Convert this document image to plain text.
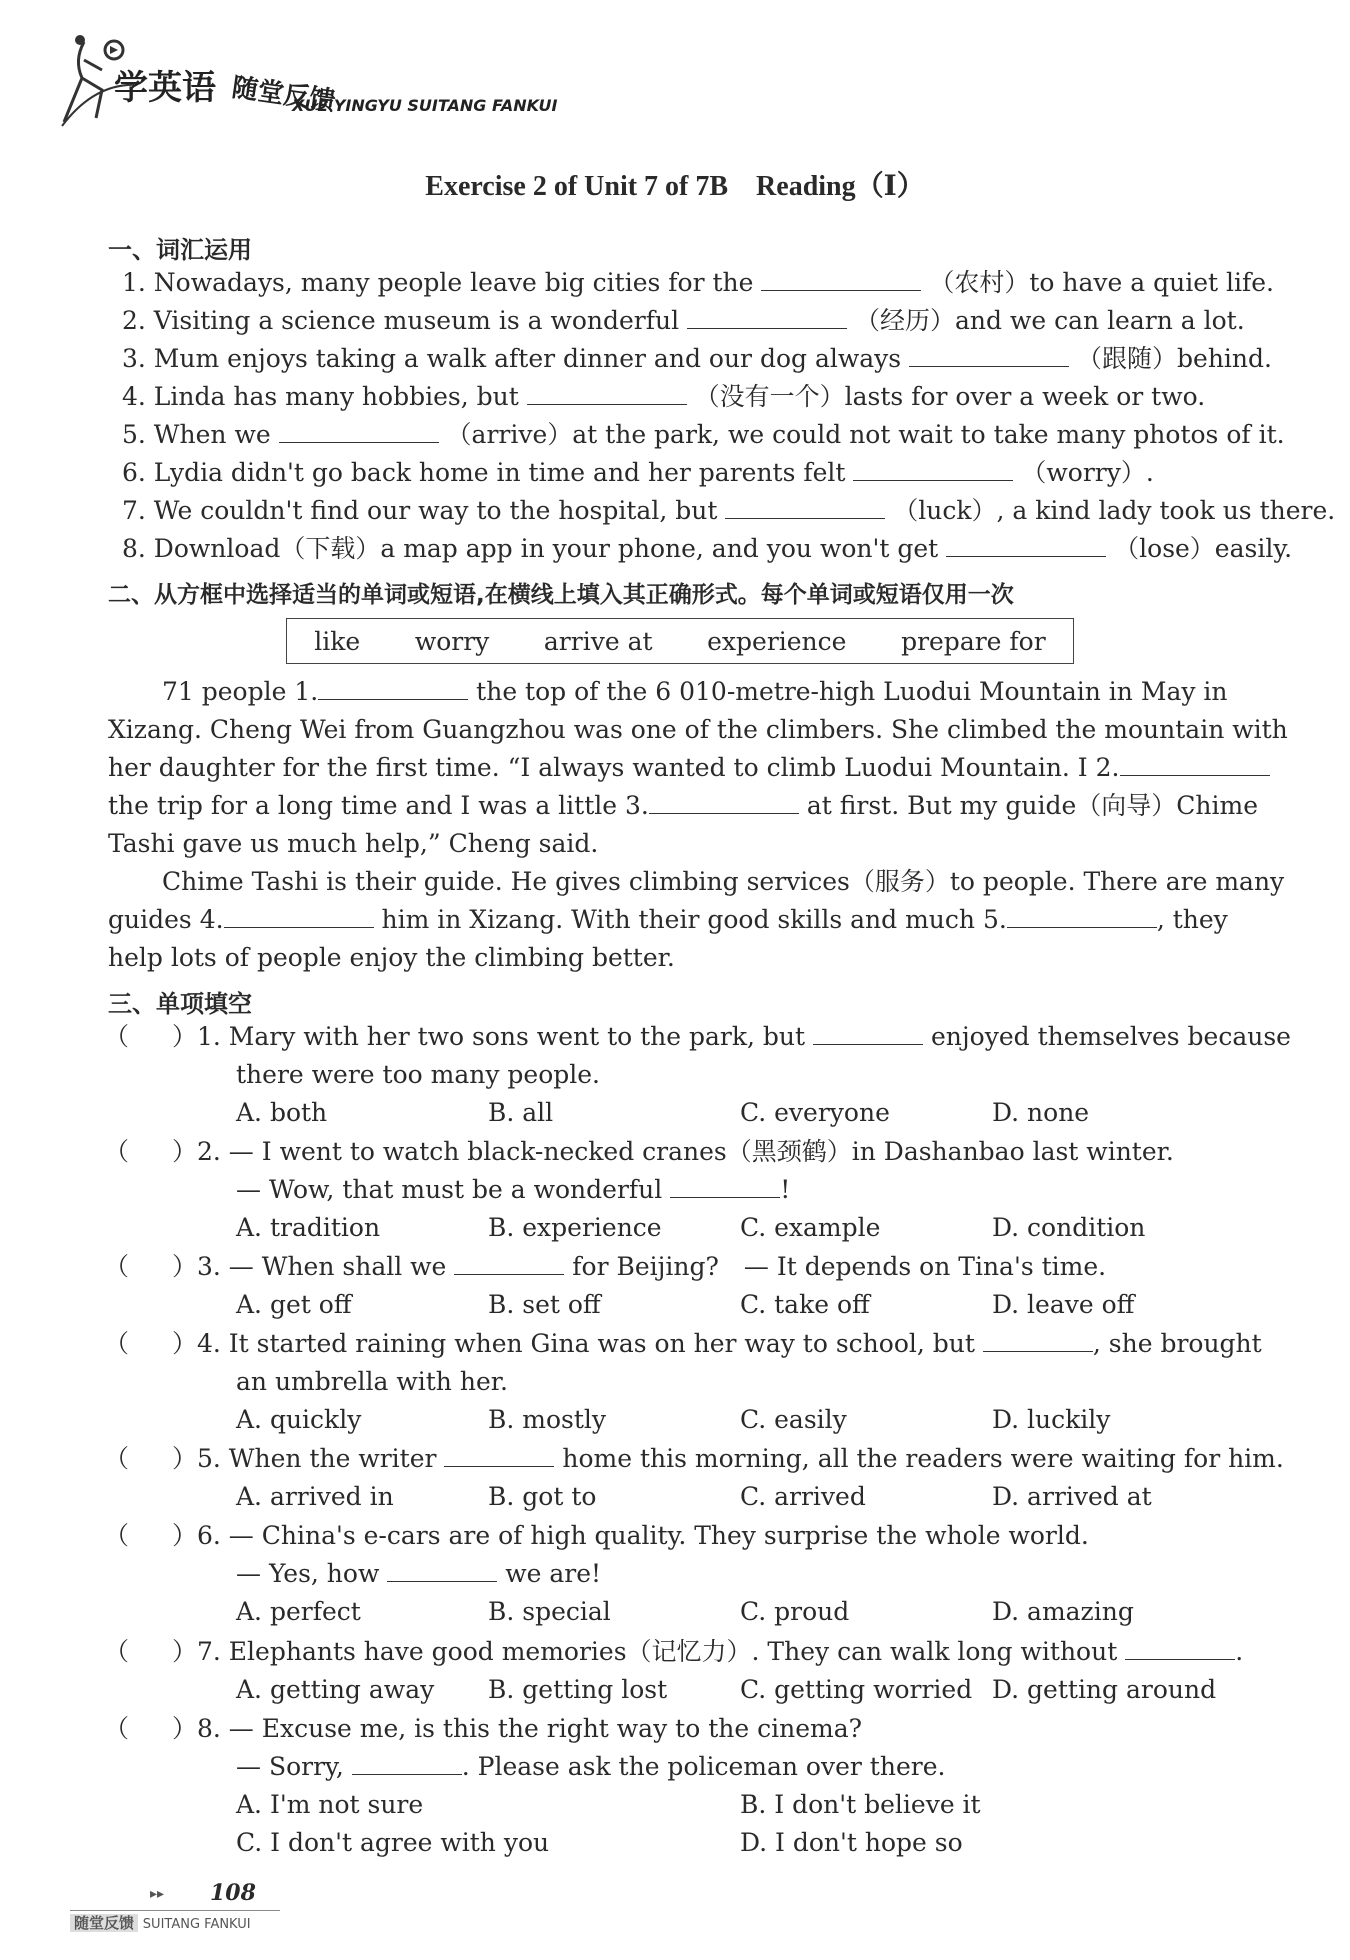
学英语 随堂反馈
XUE YINGYU SUITANG FANKUI
Exercise 2 of Unit 7 of 7B　Reading（Ⅰ）
一、词汇运用
1. Nowadays, many people leave big cities for the	（农村）to have a quiet life.
2. Visiting a science museum is a wonderful	（经历）and we can learn a lot.
3. Mum enjoys taking a walk after dinner and our dog always	（跟随）behind.
4. Linda has many hobbies, but	（没有一个）lasts for over a week or two.
5. When we	（arrive）at the park, we could not wait to take many photos of it.
6. Lydia didn't go back home in time and her parents felt	（worry）.
7. We couldn't find our way to the hospital, but	（luck）, a kind lady took us there.
8. Download（下载）a map app in your phone, and you won't get	（lose）easily.
二、从方框中选择适当的单词或短语,在横线上填入其正确形式。每个单词或短语仅用一次
like worry arrive at experience prepare for
71 people 1.	the top of the 6 010-metre-high Luodui Mountain in May in
Xizang. Cheng Wei from Guangzhou was one of the climbers. She climbed the mountain with
her daughter for the first time. “I always wanted to climb Luodui Mountain. I 2.
the trip for a long time and I was a little 3.	at first. But my guide（向导）Chime
Tashi gave us much help,” Cheng said.
Chime Tashi is their guide. He gives climbing services（服务）to people. There are many
guides 4.	him in Xizang. With their good skills and much 5.	, they
help lots of people enjoy the climbing better.
三、单项填空
（ ）1. Mary with her two sons went to the park, but	enjoyed themselves because
there were too many people.
A. both	B. all	C. everyone	D. none
（ ）2. — I went to watch black-necked cranes（黑颈鹤）in Dashanbao last winter.
— Wow, that must be a wonderful	!
A. tradition	B. experience	C. example	D. condition
（ ）3. — When shall we	for Beijing?　— It depends on Tina's time.
A. get off	B. set off	C. take off	D. leave off
（ ）4. It started raining when Gina was on her way to school, but	, she brought
an umbrella with her.
A. quickly	B. mostly	C. easily	D. luckily
（ ）5. When the writer	home this morning, all the readers were waiting for him.
A. arrived in	B. got to	C. arrived	D. arrived at
（ ）6. — China's e-cars are of high quality. They surprise the whole world.
— Yes, how	we are!
A. perfect	B. special	C. proud	D. amazing
（ ）7. Elephants have good memories（记忆力）. They can walk long without	.
A. getting away B. getting lost	C. getting worried D. getting around
（ ）8. — Excuse me, is this the right way to the cinema?
— Sorry,	. Please ask the policeman over there.
A. I'm not sure	B. I don't believe it
C. I don't agree with you	D. I don't hope so
▸▸ 108
随堂反馈 SUITANG FANKUI
